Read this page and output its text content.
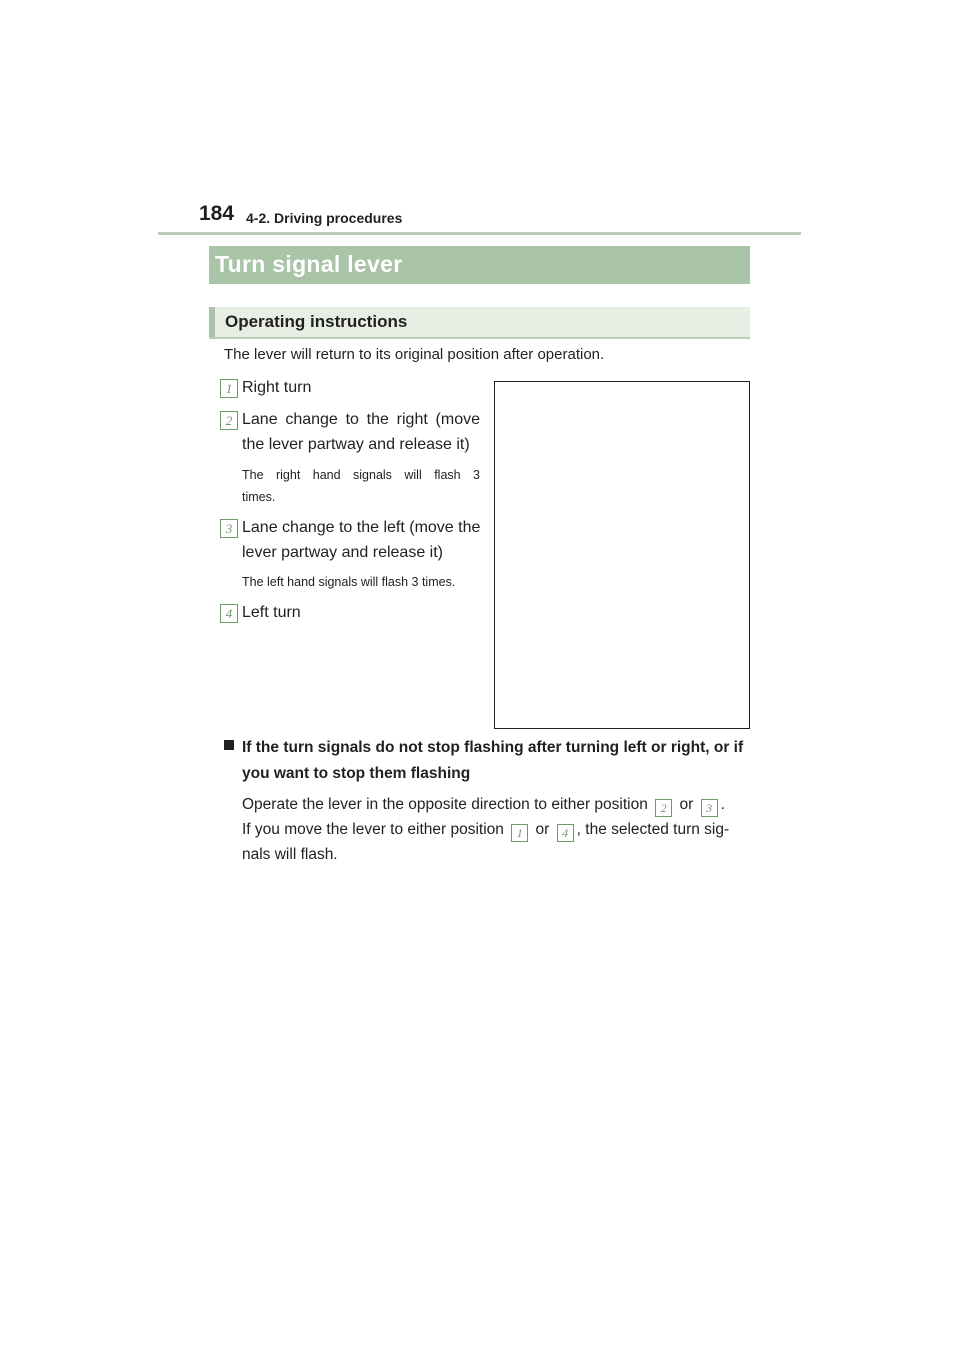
184 4-2. Driving procedures
Turn signal lever
Operating instructions
The lever will return to its original position after operation.
1 Right turn
2 Lane change to the right (move
the lever partway and release it)
The right hand signals will flash 3
times.
3 Lane change to the left (move the
lever partway and release it)
The left hand signals will flash 3 times.
4 Left turn
If the turn signals do not stop flashing after turning left or right, or if
you want to stop them flashing
Operate the lever in the opposite direction to either position 2 or 3 .
If you move the lever to either position 1 or 4 , the selected turn sig-
nals will flash.
